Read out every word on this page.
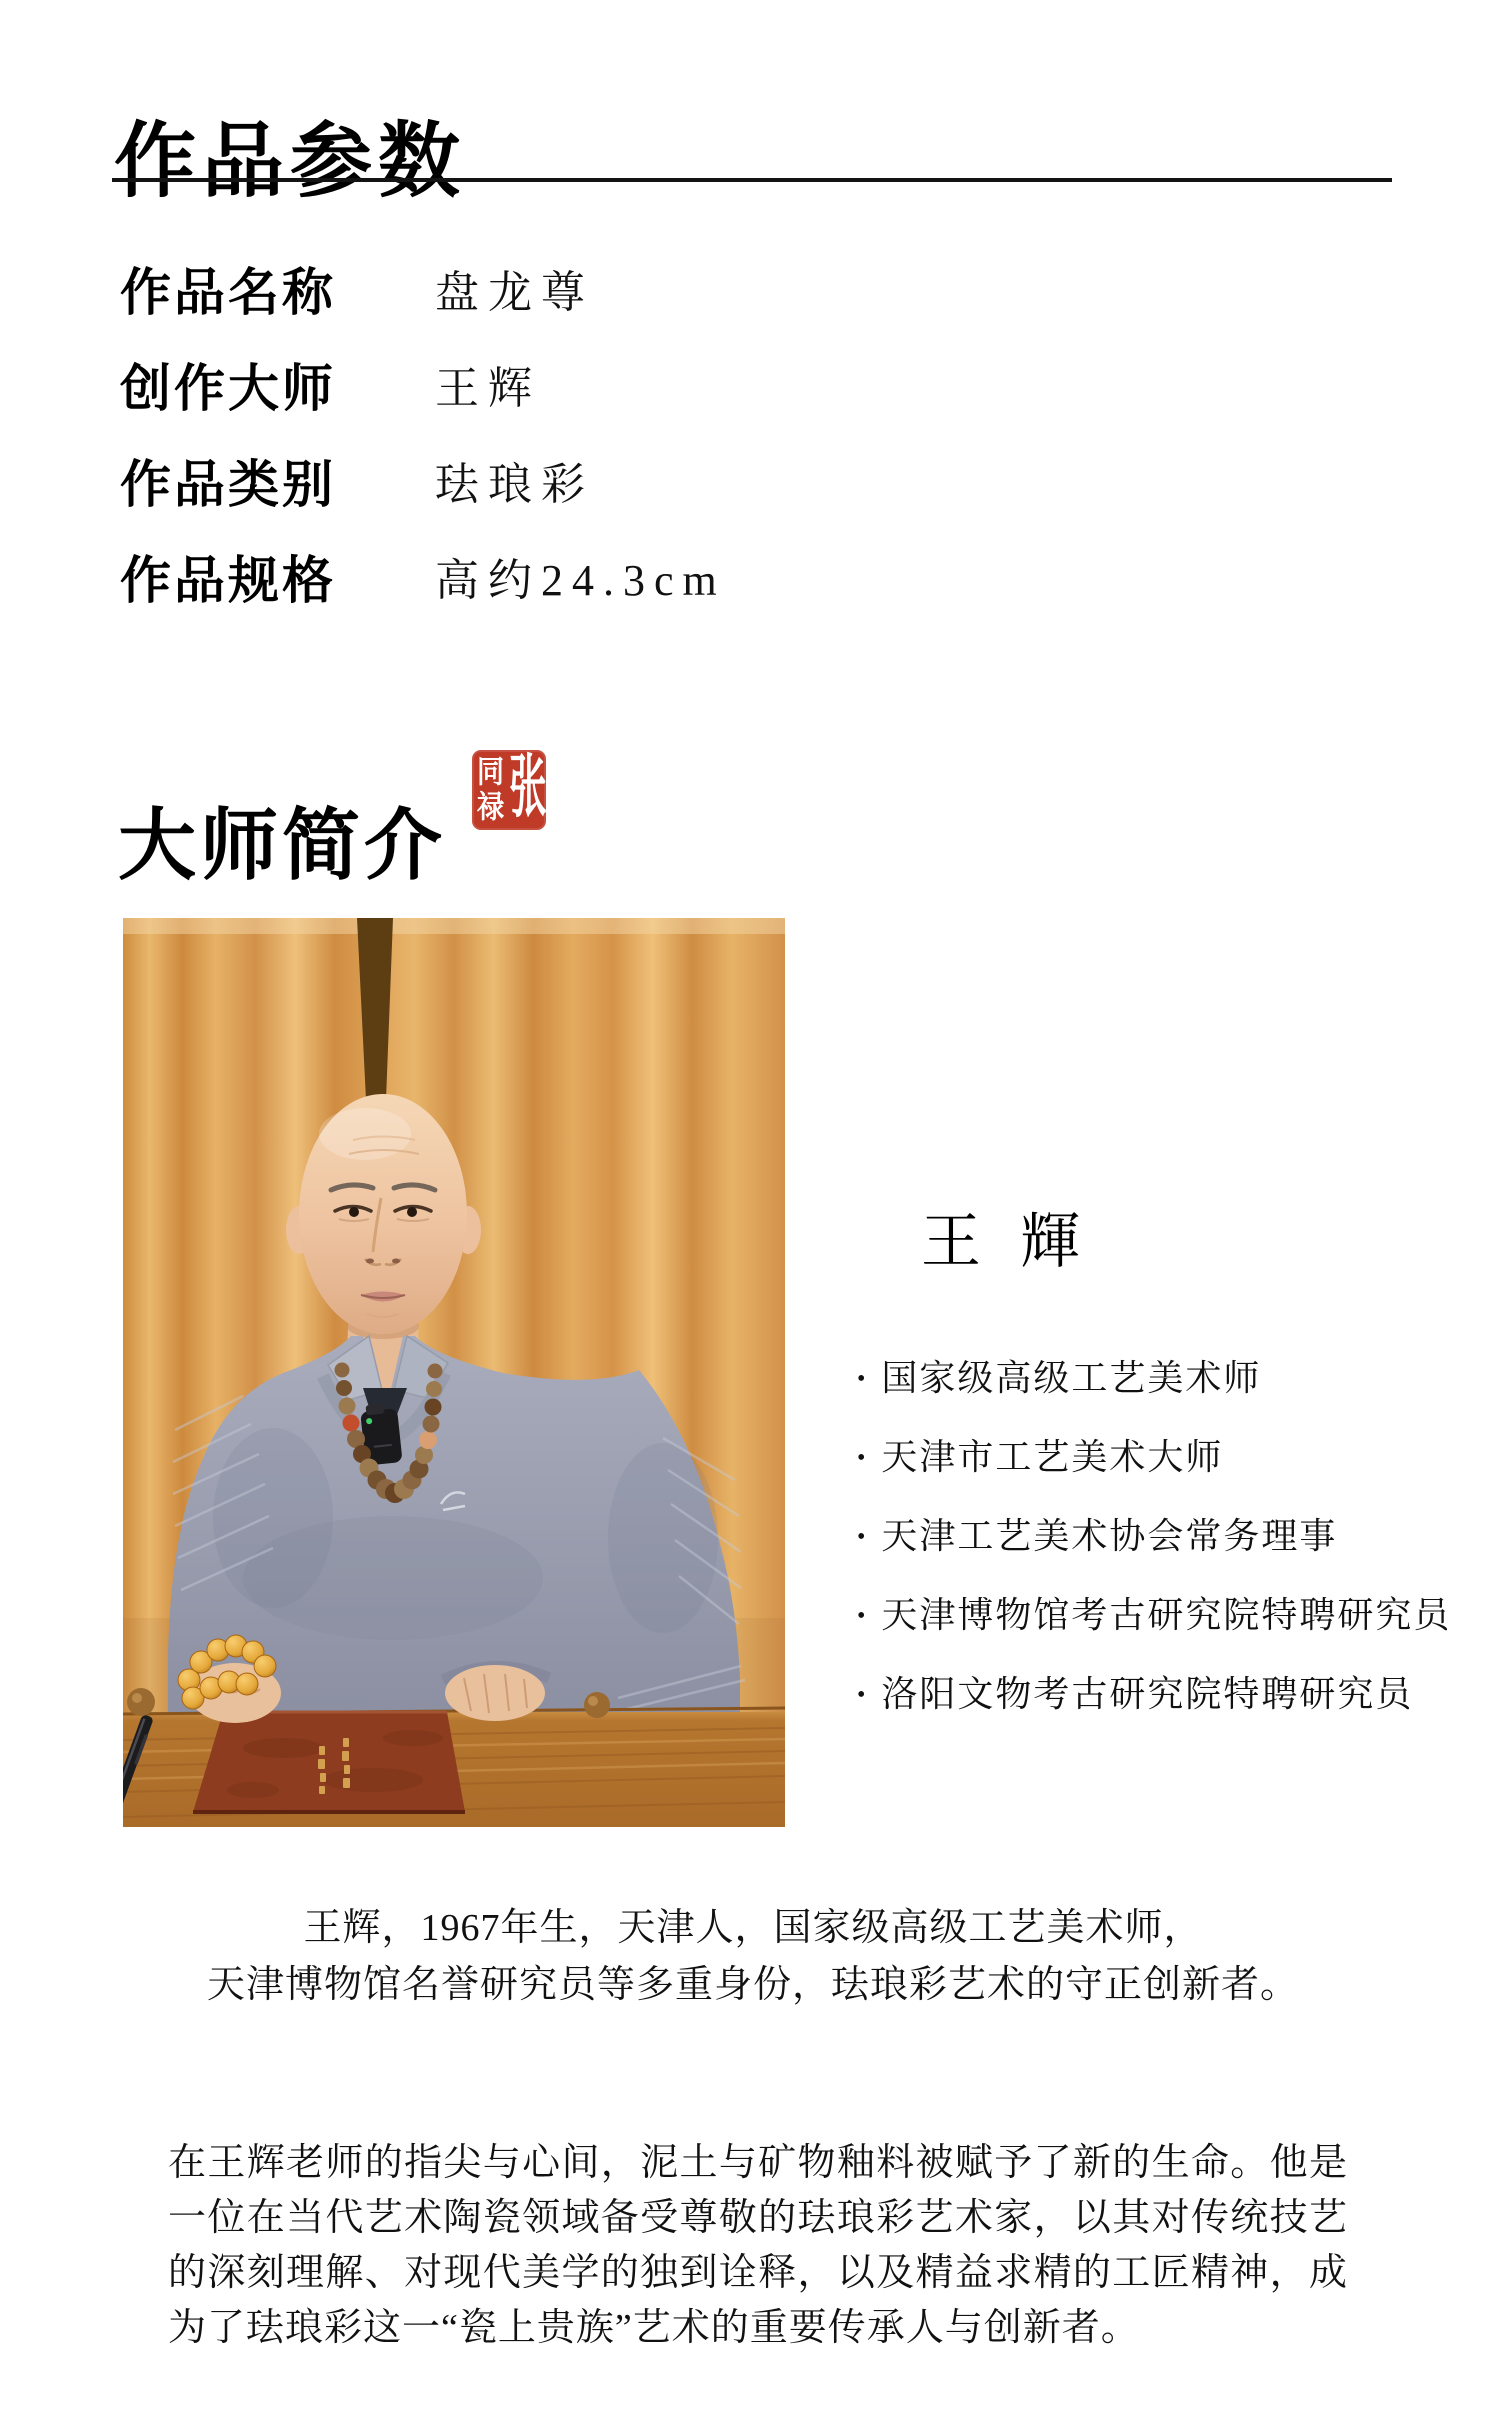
作品参数
作品名称	盘龙尊
创作大师	王辉
作品类别	珐琅彩
作品规格	高约24.3cm
大师简介
张
同
禄
王 輝
• 国家级高级工艺美术师
• 天津市工艺美术大师
• 天津工艺美术协会常务理事
• 天津博物馆考古研究院特聘研究员
• 洛阳文物考古研究院特聘研究员
王辉，1967年生，天津人，国家级高级工艺美术师，
天津博物馆名誉研究员等多重身份，珐琅彩艺术的守正创新者。

在王辉老师的指尖与心间，泥土与矿物釉料被赋予了新的生命。他是一位在当代艺术陶瓷领域备受尊敬的珐琅彩艺术家，以其对传统技艺的深刻理解、对现代美学的独到诠释，以及精益求精的工匠精神，成为了珐琅彩这一“瓷上贵族”艺术的重要传承人与创新者。
